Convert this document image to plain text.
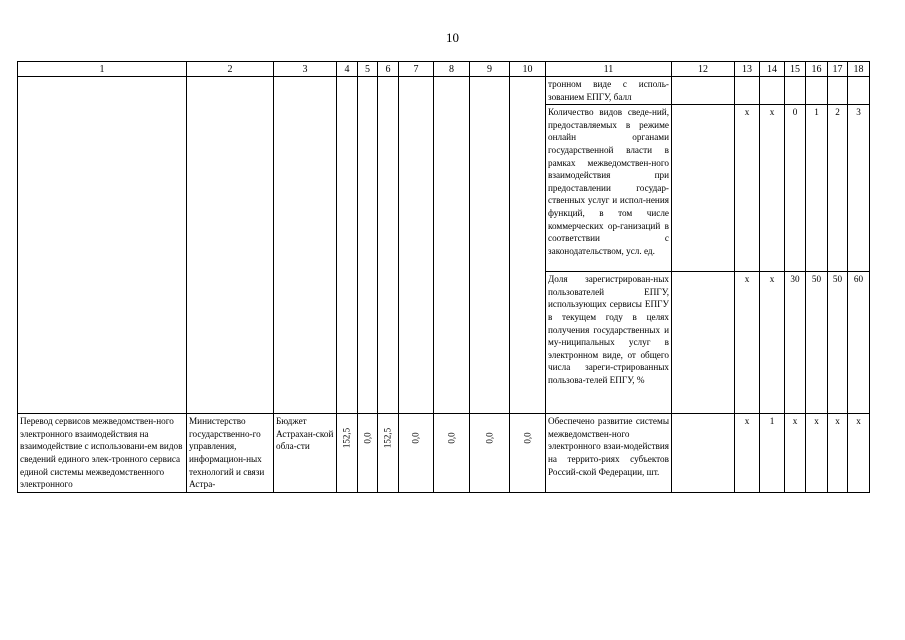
10
1	2	3	4	5	6	7	8	9	10	11	12	13	14	15	16	17	18
										тронном виде с исполь-зованием ЕПГУ, балл							
										Количество видов сведе-ний, предоставляемых в режиме онлайн органами государственной власти в рамках межведомствен-ного взаимодействия при предоставлении государ-ственных услуг и испол-нения функций, в том числе коммерческих ор-ганизаций в соответствии с законодательством, усл. ед.		х	х	0	1	2	3
										Доля зарегистрирован-ных пользователей ЕПГУ, использующих сервисы ЕПГУ в текущем году в целях получения государственных и му-ниципальных услуг в электронном виде, от общего числа зареги-стрированных пользова-телей ЕПГУ, %		х	х	30	50	50	60
Перевод сервисов межведомствен-ного электронного взаимодействия на взаимодействие с использовани-ем видов сведений единого элек-тронного сервиса единой системы межведомственного электронного	Министерство государственно-го управления, информацион-ных технологий и связи Астра-	Бюджет Астрахан-ской обла-сти	152,5	0,0	152,5	0,0	0,0	0,0	0,0	Обеспечено развитие системы межведомствен-ного электронного взаи-модействия на террито-риях субъектов Россий-ской Федерации, шт.		х	1	х	х	х	х
